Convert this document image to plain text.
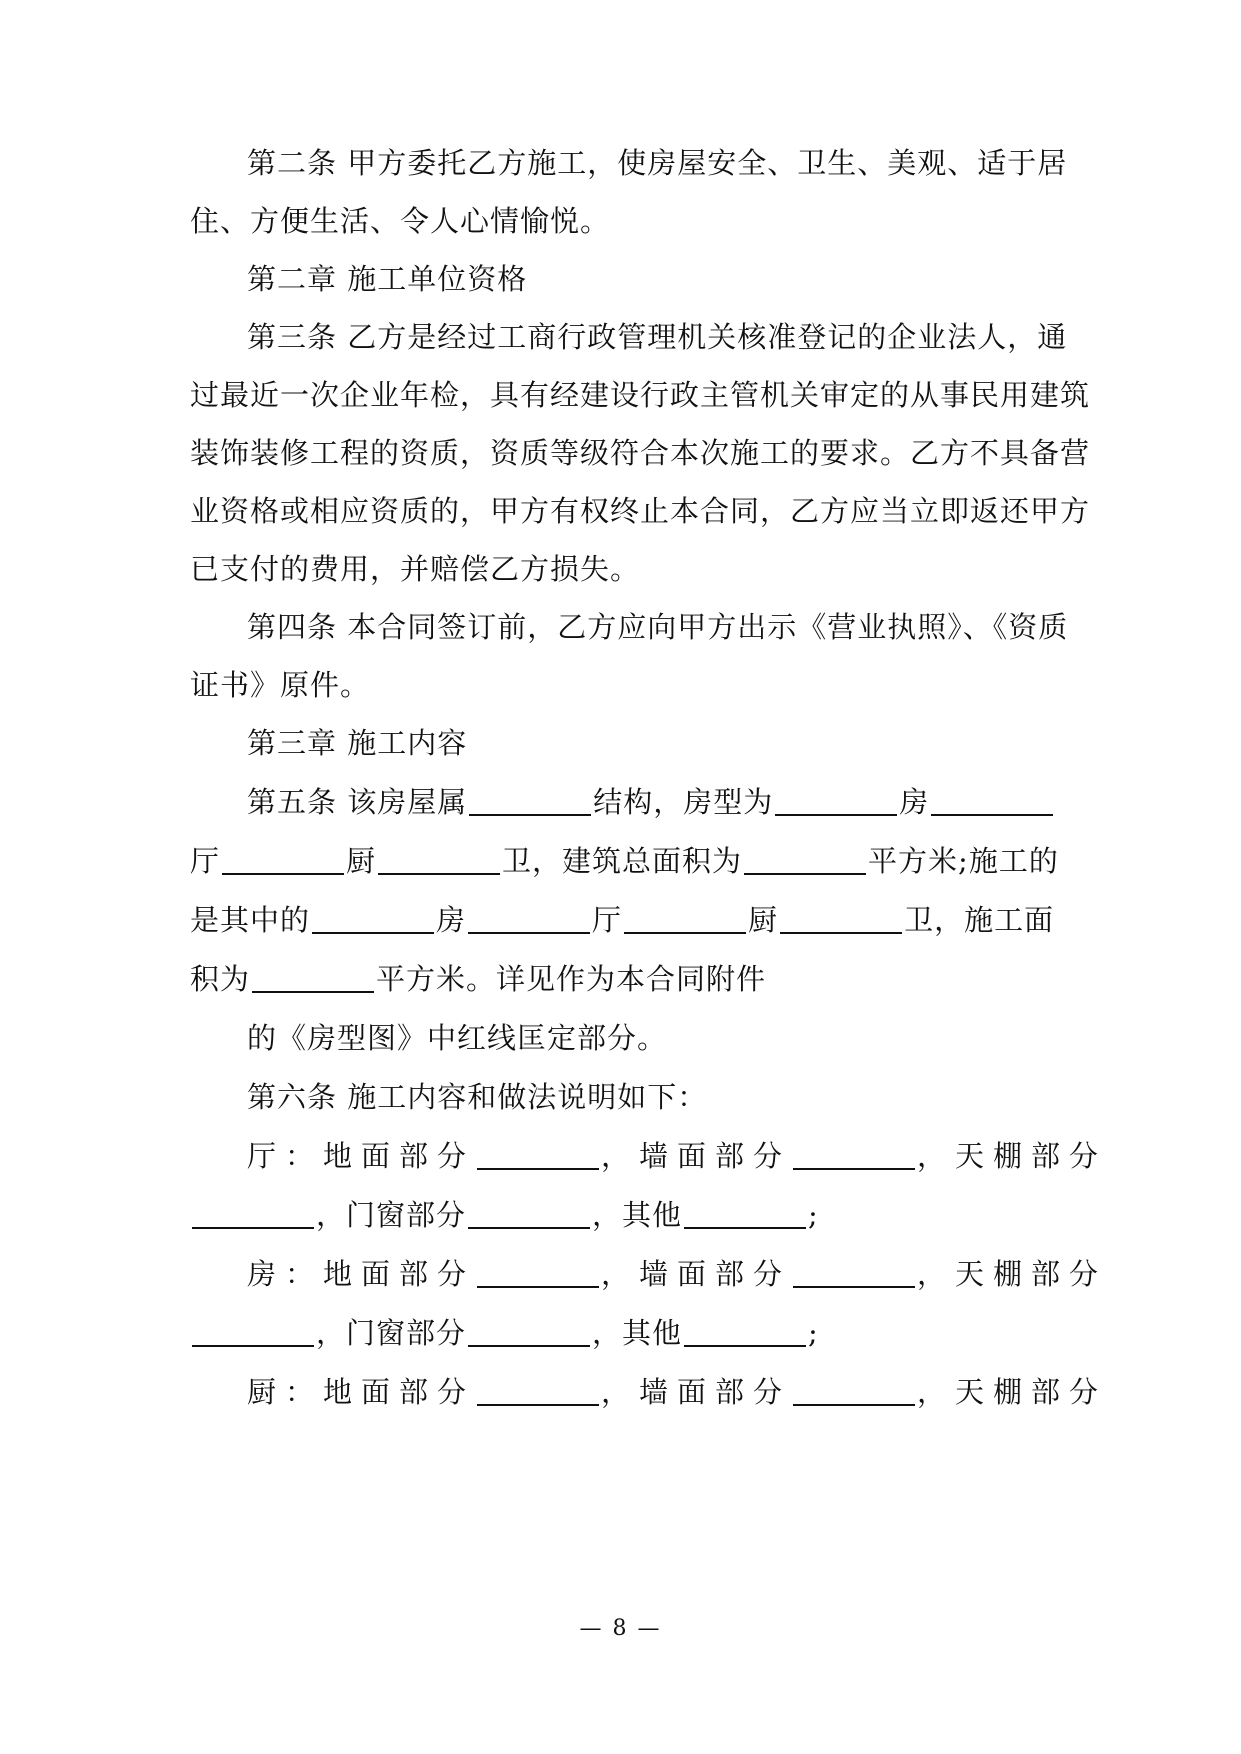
第二条 甲方委托乙方施工，使房屋安全、卫生、美观、适于居
住、方便生活、令人心情愉悦。
第二章 施工单位资格
第三条 乙方是经过工商行政管理机关核准登记的企业法人，通
过最近一次企业年检，具有经建设行政主管机关审定的从事民用建筑
装饰装修工程的资质，资质等级符合本次施工的要求。乙方不具备营
业资格或相应资质的，甲方有权终止本合同，乙方应当立即返还甲方
已支付的费用，并赔偿乙方损失。
第四条 本合同签订前，乙方应向甲方出示《营业执照》、《资质
证书》原件。
第三章 施工内容
第五条 该房屋属	结构，房型为	房
厅	厨	卫，建筑总面积为	平方米;施工的
是其中的	房	厅	厨	卫，施工面
积为	平方米。详见作为本合同附件
的《房型图》中红线匡定部分。
第六条 施工内容和做法说明如下：
厅：地面部分	，墙面部分	，天棚部分
，门窗部分	，其他	;
房：地面部分	，墙面部分	，天棚部分
，门窗部分	，其他	;
厨：地面部分	，墙面部分	，天棚部分
— 8 —
